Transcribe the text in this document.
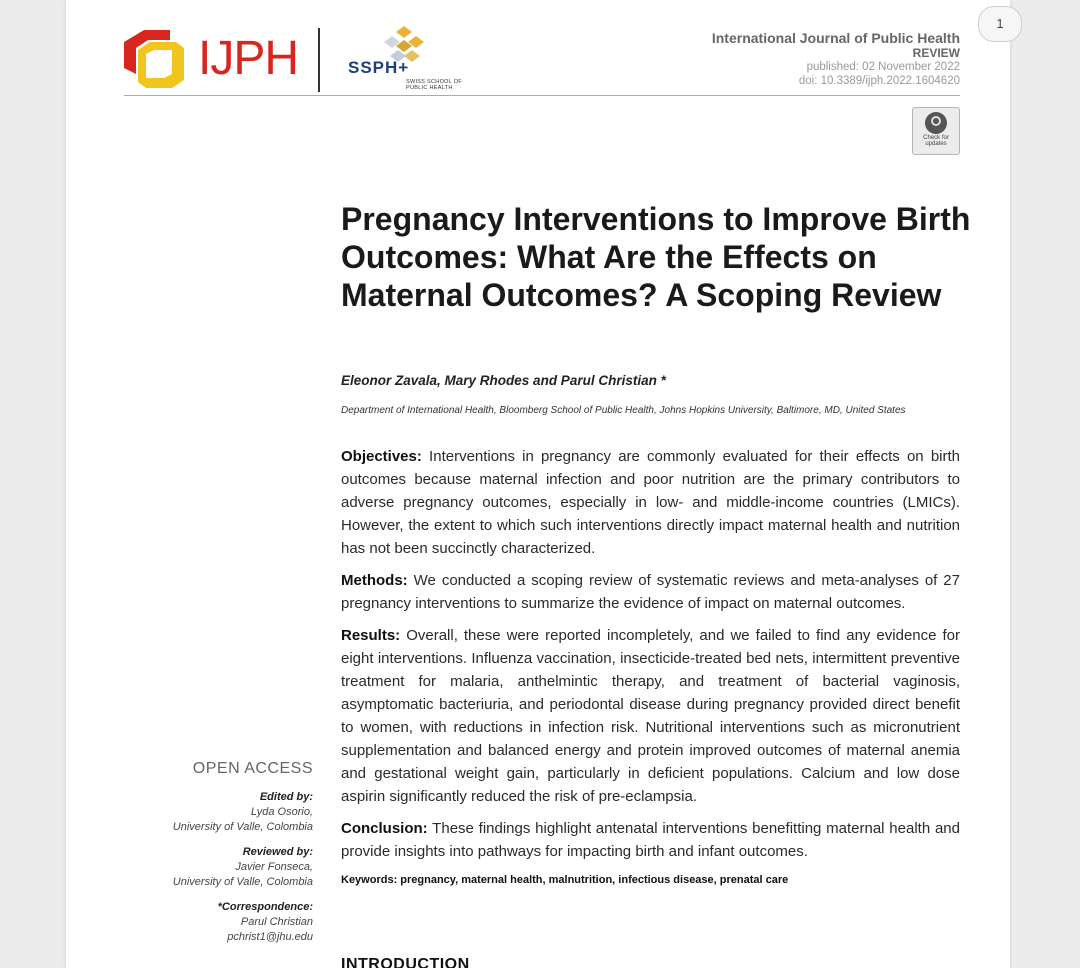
IJPH	SSPH+
SWISS SCHOOL OF PUBLIC HEALTH
International Journal of Public Health
REVIEW
published: 02 November 2022
doi: 10.3389/ijph.2022.1604620
Check for updates
Pregnancy Interventions to Improve Birth Outcomes: What Are the Effects on Maternal Outcomes? A Scoping Review
Eleonor Zavala, Mary Rhodes and Parul Christian *
Department of International Health, Bloomberg School of Public Health, Johns Hopkins University, Baltimore, MD, United States

Objectives: Interventions in pregnancy are commonly evaluated for their effects on birth outcomes because maternal infection and poor nutrition are the primary contributors to adverse pregnancy outcomes, especially in low- and middle-income countries (LMICs). However, the extent to which such interventions directly impact maternal health and nutrition has not been succinctly characterized.

Methods: We conducted a scoping review of systematic reviews and meta-analyses of 27 pregnancy interventions to summarize the evidence of impact on maternal outcomes.

Results: Overall, these were reported incompletely, and we failed to find any evidence for eight interventions. Influenza vaccination, insecticide-treated bed nets, intermittent preventive treatment for malaria, anthelmintic therapy, and treatment of bacterial vaginosis, asymptomatic bacteriuria, and periodontal disease during pregnancy provided direct benefit to women, with reductions in infection risk. Nutritional interventions such as micronutrient supplementation and balanced energy and protein improved outcomes of maternal anemia and gestational weight gain, particularly in deficient populations. Calcium and low dose aspirin significantly reduced the risk of pre-eclampsia.

Conclusion: These findings highlight antenatal interventions benefitting maternal health and provide insights into pathways for impacting birth and infant outcomes.

Keywords: pregnancy, maternal health, malnutrition, infectious disease, prenatal care

INTRODUCTION
OPEN ACCESS
Edited by:
Lyda Osorio,
University of Valle, Colombia
Reviewed by:
Javier Fonseca,
University of Valle, Colombia
*Correspondence:
Parul Christian
pchrist1@jhu.edu
1
